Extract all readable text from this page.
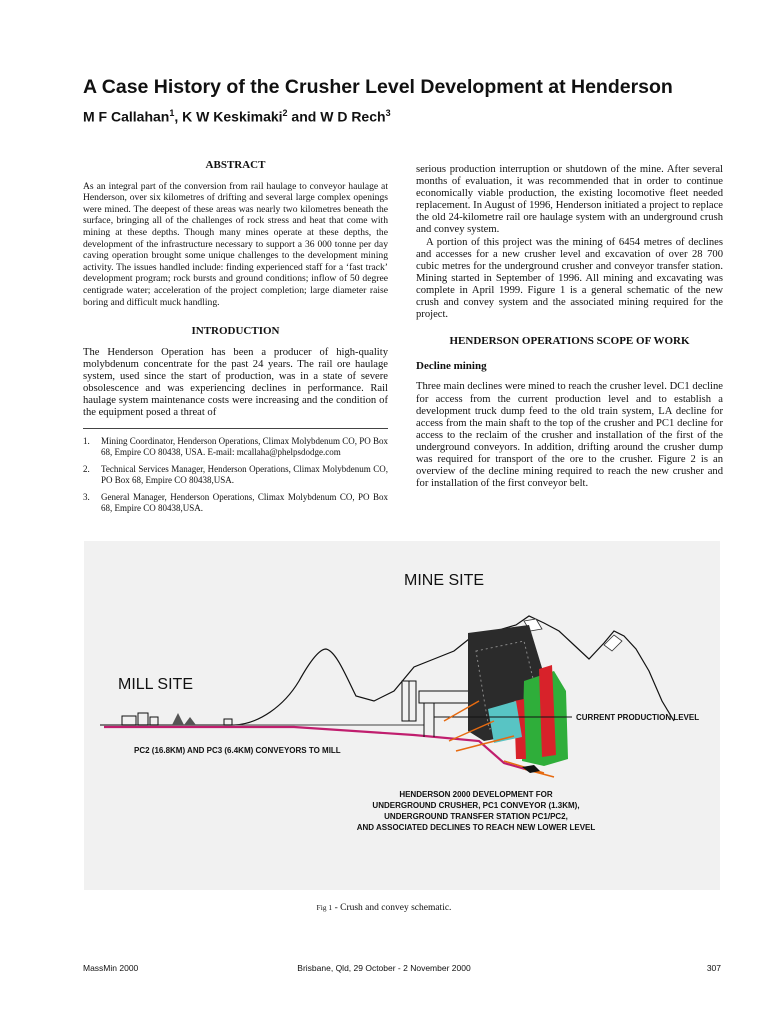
A Case History of the Crusher Level Development at Henderson
M F Callahan$^1$, K W Keskimaki$^2$ and W D Rech$^3$

ABSTRACT

As an integral part of the conversion from rail haulage to conveyor haulage at Henderson, over six kilometres of drifting and several large complex openings were mined. The deepest of these areas was nearly two kilometres beneath the surface, bringing all of the challenges of rock stress and heat that come with mining at these depths. Though many mines operate at these depths, the development of the infrastructure necessary to support a 36 000 tonne per day caving operation brought some unique challenges to the development mining activity. The issues handled include: finding experienced staff for a ‘fast track’ development program; rock bursts and ground conditions; inflow of 50 degree centigrade water; acceleration of the project completion; large diameter raise boring and difficult muck handling.

INTRODUCTION

The Henderson Operation has been a producer of high-quality molybdenum concentrate for the past 24 years. The rail ore haulage system, used since the start of production, was in a state of severe obsolescence and was experiencing declines in performance. Rail haulage system maintenance costs were increasing and the condition of the equipment posed a threat of

1.	Mining Coordinator, Henderson Operations, Climax Molybdenum CO, PO Box 68, Empire CO 80438, USA. E-mail: mcallaha@phelpsdodge.com
2.	Technical Services Manager, Henderson Operations, Climax Molybdenum CO, PO Box 68, Empire CO 80438,USA.
3.	General Manager, Henderson Operations, Climax Molybdenum CO, PO Box 68, Empire CO 80438,USA.

serious production interruption or shutdown of the mine. After several months of evaluation, it was recommended that in order to continue economically viable production, the existing locomotive fleet needed replacement. In August of 1996, Henderson initiated a project to replace the old 24-kilometre rail ore haulage system with an underground crush and convey system.

A portion of this project was the mining of 6454 metres of declines and accesses for a new crusher level and excavation of over 28 700 cubic metres for the underground crusher and conveyor transfer station. Mining started in September of 1996. All mining and excavating was complete in April 1999. Figure 1 is a general schematic of the new crush and convey system and the associated mining required for the project.

HENDERSON OPERATIONS SCOPE OF WORK

Decline mining

Three main declines were mined to reach the crusher level. DC1 decline for access from the current production level and to establish a development truck dump feed to the old train system, LA decline for access from the main shaft to the top of the crusher and PC1 decline for access to the reclaim of the crusher and installation of the first of the underground conveyors. In addition, drifting around the crusher dump was required for transport of the ore to the crusher. Figure 2 is an overview of the decline mining required to reach the new crusher and for installation of the first conveyor belt.

MINE SITE
MILL SITE
CURRENT PRODUCTION LEVEL
PC2 (16.8KM) AND PC3 (6.4KM) CONVEYORS TO MILL
HENDERSON 2000 DEVELOPMENT FOR
UNDERGROUND CRUSHER, PC1 CONVEYOR (1.3KM),
UNDERGROUND TRANSFER STATION PC1/PC2,
AND ASSOCIATED DECLINES TO REACH NEW LOWER LEVEL
Fig 1 - Crush and convey schematic.
MassMin 2000	Brisbane, Qld, 29 October - 2 November 2000	307
